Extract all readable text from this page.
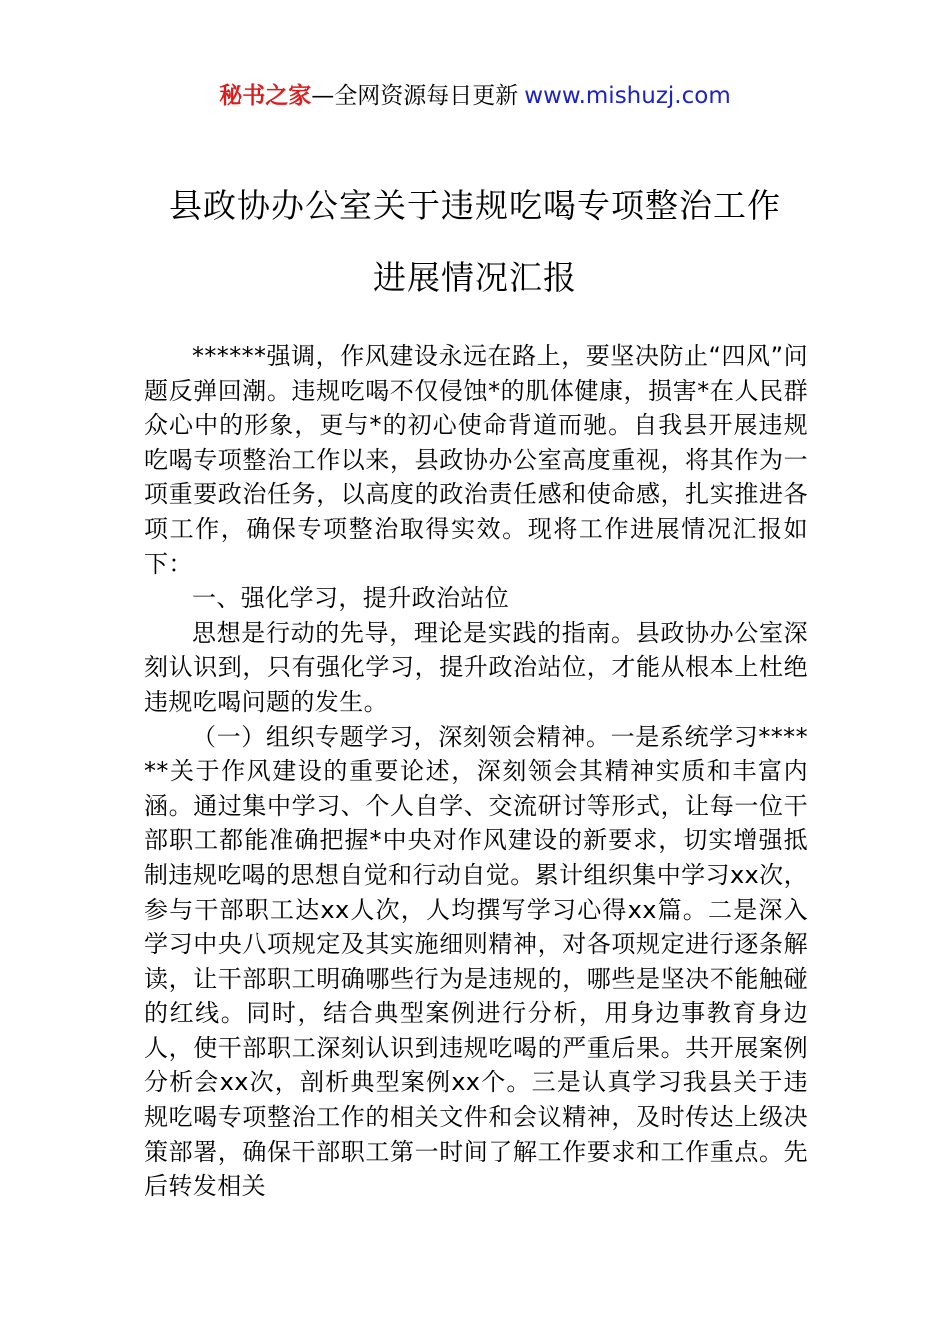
秘书之家—全网资源每日更新 www.mishuzj.com
县政协办公室关于违规吃喝专项整治工作
进展情况汇报

******强调，作风建设永远在路上，要坚决防止“四风”问题反弹回潮。违规吃喝不仅侵蚀*的肌体健康，损害*在人民群众心中的形象，更与*的初心使命背道而驰。自我县开展违规吃喝专项整治工作以来，县政协办公室高度重视，将其作为一项重要政治任务，以高度的政治责任感和使命感，扎实推进各项工作，确保专项整治取得实效。现将工作进展情况汇报如下：

一、强化学习，提升政治站位

思想是行动的先导，理论是实践的指南。县政协办公室深刻认识到，只有强化学习，提升政治站位，才能从根本上杜绝违规吃喝问题的发生。

（一）组织专题学习，深刻领会精神。一是系统学习******关于作风建设的重要论述，深刻领会其精神实质和丰富内涵。通过集中学习、个人自学、交流研讨等形式，让每一位干部职工都能准确把握*中央对作风建设的新要求，切实增强抵制违规吃喝的思想自觉和行动自觉。累计组织集中学习xx次，参与干部职工达xx人次，人均撰写学习心得xx篇。二是深入学习中央八项规定及其实施细则精神，对各项规定进行逐条解读，让干部职工明确哪些行为是违规的，哪些是坚决不能触碰的红线。同时，结合典型案例进行分析，用身边事教育身边人，使干部职工深刻认识到违规吃喝的严重后果。共开展案例分析会xx次，剖析典型案例xx个。三是认真学习我县关于违规吃喝专项整治工作的相关文件和会议精神，及时传达上级决策部署，确保干部职工第一时间了解工作要求和工作重点。先后转发相关
